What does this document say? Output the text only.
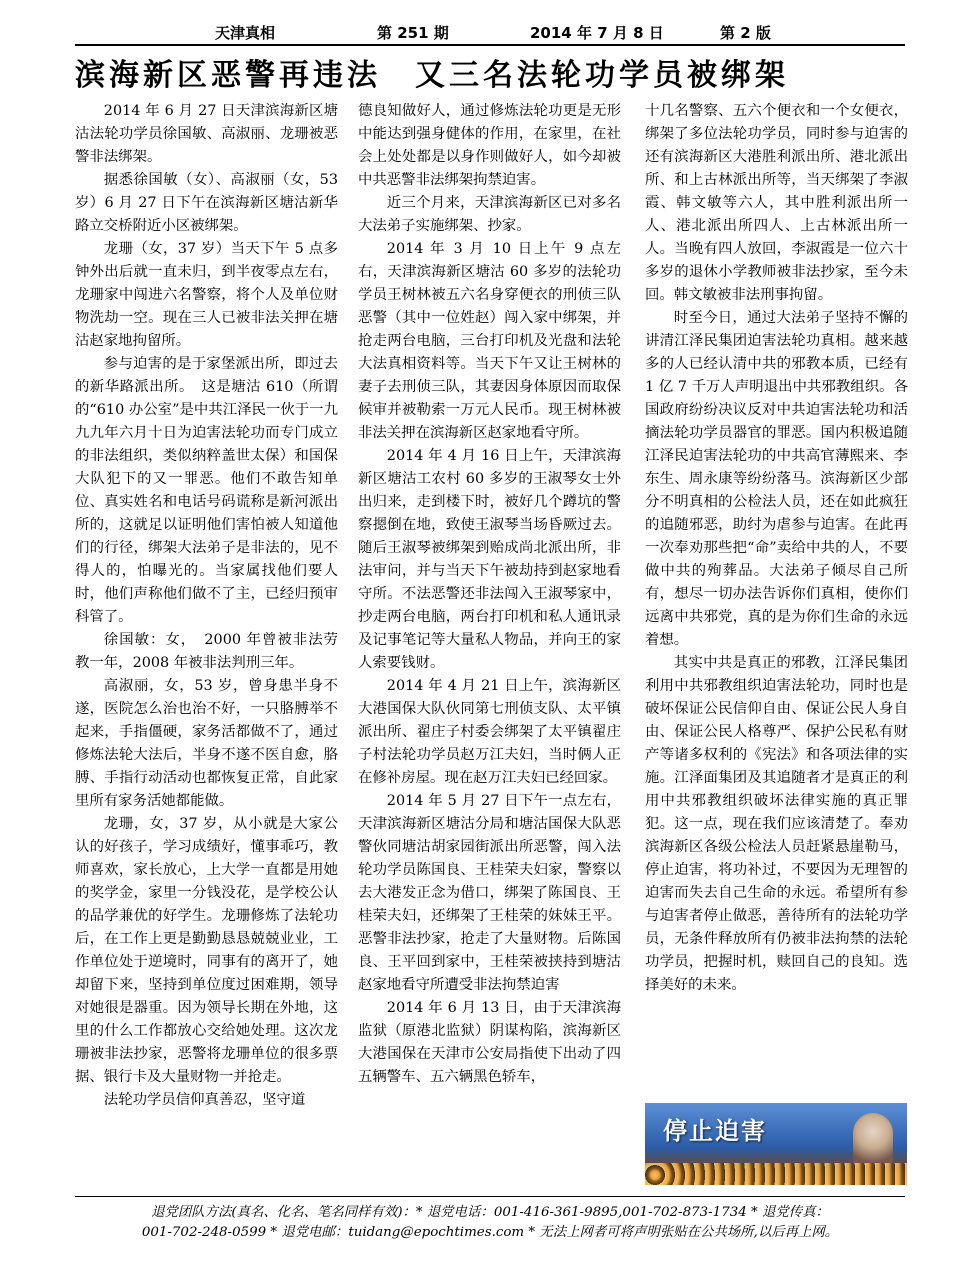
天津真相	第 251 期	2014 年 7 月 8 日	第 2 版
滨海新区恶警再违法　又三名法轮功学员被绑架

2014 年 6 月 27 日天津滨海新区塘沽法轮功学员徐国敏、高淑丽、龙珊被恶警非法绑架。

据悉徐国敏（女）、高淑丽（女，53 岁）6 月 27 日下午在滨海新区塘沽新华路立交桥附近小区被绑架。

龙珊（女，37 岁）当天下午 5 点多钟外出后就一直未归，到半夜零点左右，龙珊家中闯进六名警察，将个人及单位财物洗劫一空。现在三人已被非法关押在塘沽赵家地拘留所。

参与迫害的是于家堡派出所，即过去的新华路派出所。　这是塘沽 610（所谓的“610 办公室”是中共江泽民一伙于一九九九年六月十日为迫害法轮功而专门成立的非法组织，类似纳粹盖世太保）和国保大队犯下的又一罪恶。他们不敢告知单位、真实姓名和电话号码谎称是新河派出所的，这就足以证明他们害怕被人知道他们的行径，绑架大法弟子是非法的，见不得人的，怕曝光的。当家属找他们要人时，他们声称他们做不了主，已经归预审科管了。

徐国敏：女，　2000 年曾被非法劳教一年，2008 年被非法判刑三年。

高淑丽，女，53 岁，曾身患半身不遂，医院怎么治也治不好，一只胳膊举不起来，手指僵硬，家务活都做不了，通过修炼法轮大法后，半身不遂不医自愈，胳膊、手指行动活动也都恢复正常，自此家里所有家务活她都能做。

龙珊，女，37 岁，从小就是大家公认的好孩子，学习成绩好，懂事乖巧，教师喜欢，家长放心，上大学一直都是用她的奖学金，家里一分钱没花，是学校公认的品学兼优的好学生。龙珊修炼了法轮功后，在工作上更是勤勤恳恳兢兢业业，工作单位处于逆境时，同事有的离开了，她却留下来，坚持到单位度过困难期，领导对她很是器重。因为领导长期在外地，这里的什么工作都放心交给她处理。这次龙珊被非法抄家，恶警将龙珊单位的很多票据、银行卡及大量财物一并抢走。

法轮功学员信仰真善忍，坚守道

德良知做好人，通过修炼法轮功更是无形中能达到强身健体的作用，在家里，在社会上处处都是以身作则做好人，如今却被中共恶警非法绑架拘禁迫害。

近三个月来，天津滨海新区已对多名大法弟子实施绑架、抄家。

2014 年 3 月 10 日上午 9 点左右，天津滨海新区塘沽 60 多岁的法轮功学员王树林被五六名身穿便衣的刑侦三队恶警（其中一位姓赵）闯入家中绑架，并抢走两台电脑，三台打印机及光盘和法轮大法真相资料等。当天下午又让王树林的妻子去刑侦三队，其妻因身体原因而取保候审并被勒索一万元人民币。现王树林被非法关押在滨海新区赵家地看守所。

2014 年 4 月 16 日上午，天津滨海新区塘沽工农村 60 多岁的王淑琴女士外出归来，走到楼下时，被好几个蹲坑的警察摁倒在地，致使王淑琴当场昏厥过去。随后王淑琴被绑架到贻成尚北派出所，非法审问，并与当天下午被劫持到赵家地看守所。不法恶警还非法闯入王淑琴家中，抄走两台电脑，两台打印机和私人通讯录及记事笔记等大量私人物品，并向王的家人索要钱财。

2014 年 4 月 21 日上午，滨海新区大港国保大队伙同第七刑侦支队、太平镇派出所、翟庄子村委会绑架了太平镇翟庄子村法轮功学员赵万江夫妇，当时俩人正在修补房屋。现在赵万江夫妇已经回家。

2014 年 5 月 27 日下午一点左右，天津滨海新区塘沽分局和塘沽国保大队恶警伙同塘沽胡家园街派出所恶警，闯入法轮功学员陈国良、王桂荣夫妇家，警察以去大港发正念为借口，绑架了陈国良、王桂荣夫妇，还绑架了王桂荣的妹妹王平。恶警非法抄家，抢走了大量财物。后陈国良、王平回到家中，王桂荣被挟持到塘沽赵家地看守所遭受非法拘禁迫害

2014 年 6 月 13 日，由于天津滨海监狱（原港北监狱）阴谋构陷，滨海新区大港国保在天津市公安局指使下出动了四五辆警车、五六辆黑色轿车，

十几名警察、五六个便衣和一个女便衣，绑架了多位法轮功学员，同时参与迫害的还有滨海新区大港胜利派出所、港北派出所、和上古林派出所等，当天绑架了李淑霞、韩文敏等六人，其中胜利派出所一人、港北派出所四人、上古林派出所一人。当晚有四人放回，李淑霞是一位六十多岁的退休小学教师被非法抄家，至今未回。韩文敏被非法刑事拘留。

时至今日，通过大法弟子坚持不懈的讲清江泽民集团迫害法轮功真相。越来越多的人已经认清中共的邪教本质，已经有 1 亿 7 千万人声明退出中共邪教组织。各国政府纷纷决议反对中共迫害法轮功和活摘法轮功学员器官的罪恶。国内积极追随江泽民迫害法轮功的中共高官薄熙来、李东生、周永康等纷纷落马。滨海新区少部分不明真相的公检法人员，还在如此疯狂的追随邪恶，助纣为虐参与迫害。在此再一次奉劝那些把“命”卖给中共的人，不要做中共的殉葬品。大法弟子倾尽自己所有，想尽一切办法告诉你们真相，使你们远离中共邪党，真的是为你们生命的永远着想。

其实中共是真正的邪教，江泽民集团利用中共邪教组织迫害法轮功，同时也是破坏保证公民信仰自由、保证公民人身自由、保证公民人格尊严、保护公民私有财产等诸多权利的《宪法》和各项法律的实施。江泽面集团及其追随者才是真正的利用中共邪教组织破坏法律实施的真正罪犯。这一点，现在我们应该清楚了。奉劝滨海新区各级公检法人员赶紧悬崖勒马，停止迫害，将功补过，不要因为无理智的迫害而失去自己生命的永远。希望所有参与迫害者停止做恶，善待所有的法轮功学员，无条件释放所有仍被非法拘禁的法轮功学员，把握时机，赎回自己的良知。选择美好的未来。

停止迫害
退党团队方法(真名、化名、笔名同样有效)：* 退党电话：001-416-361-9895,001-702-873-1734 * 退党传真：
001-702-248-0599 * 退党电邮：tuidang@epochtimes.com * 无法上网者可将声明张贴在公共场所,以后再上网。
